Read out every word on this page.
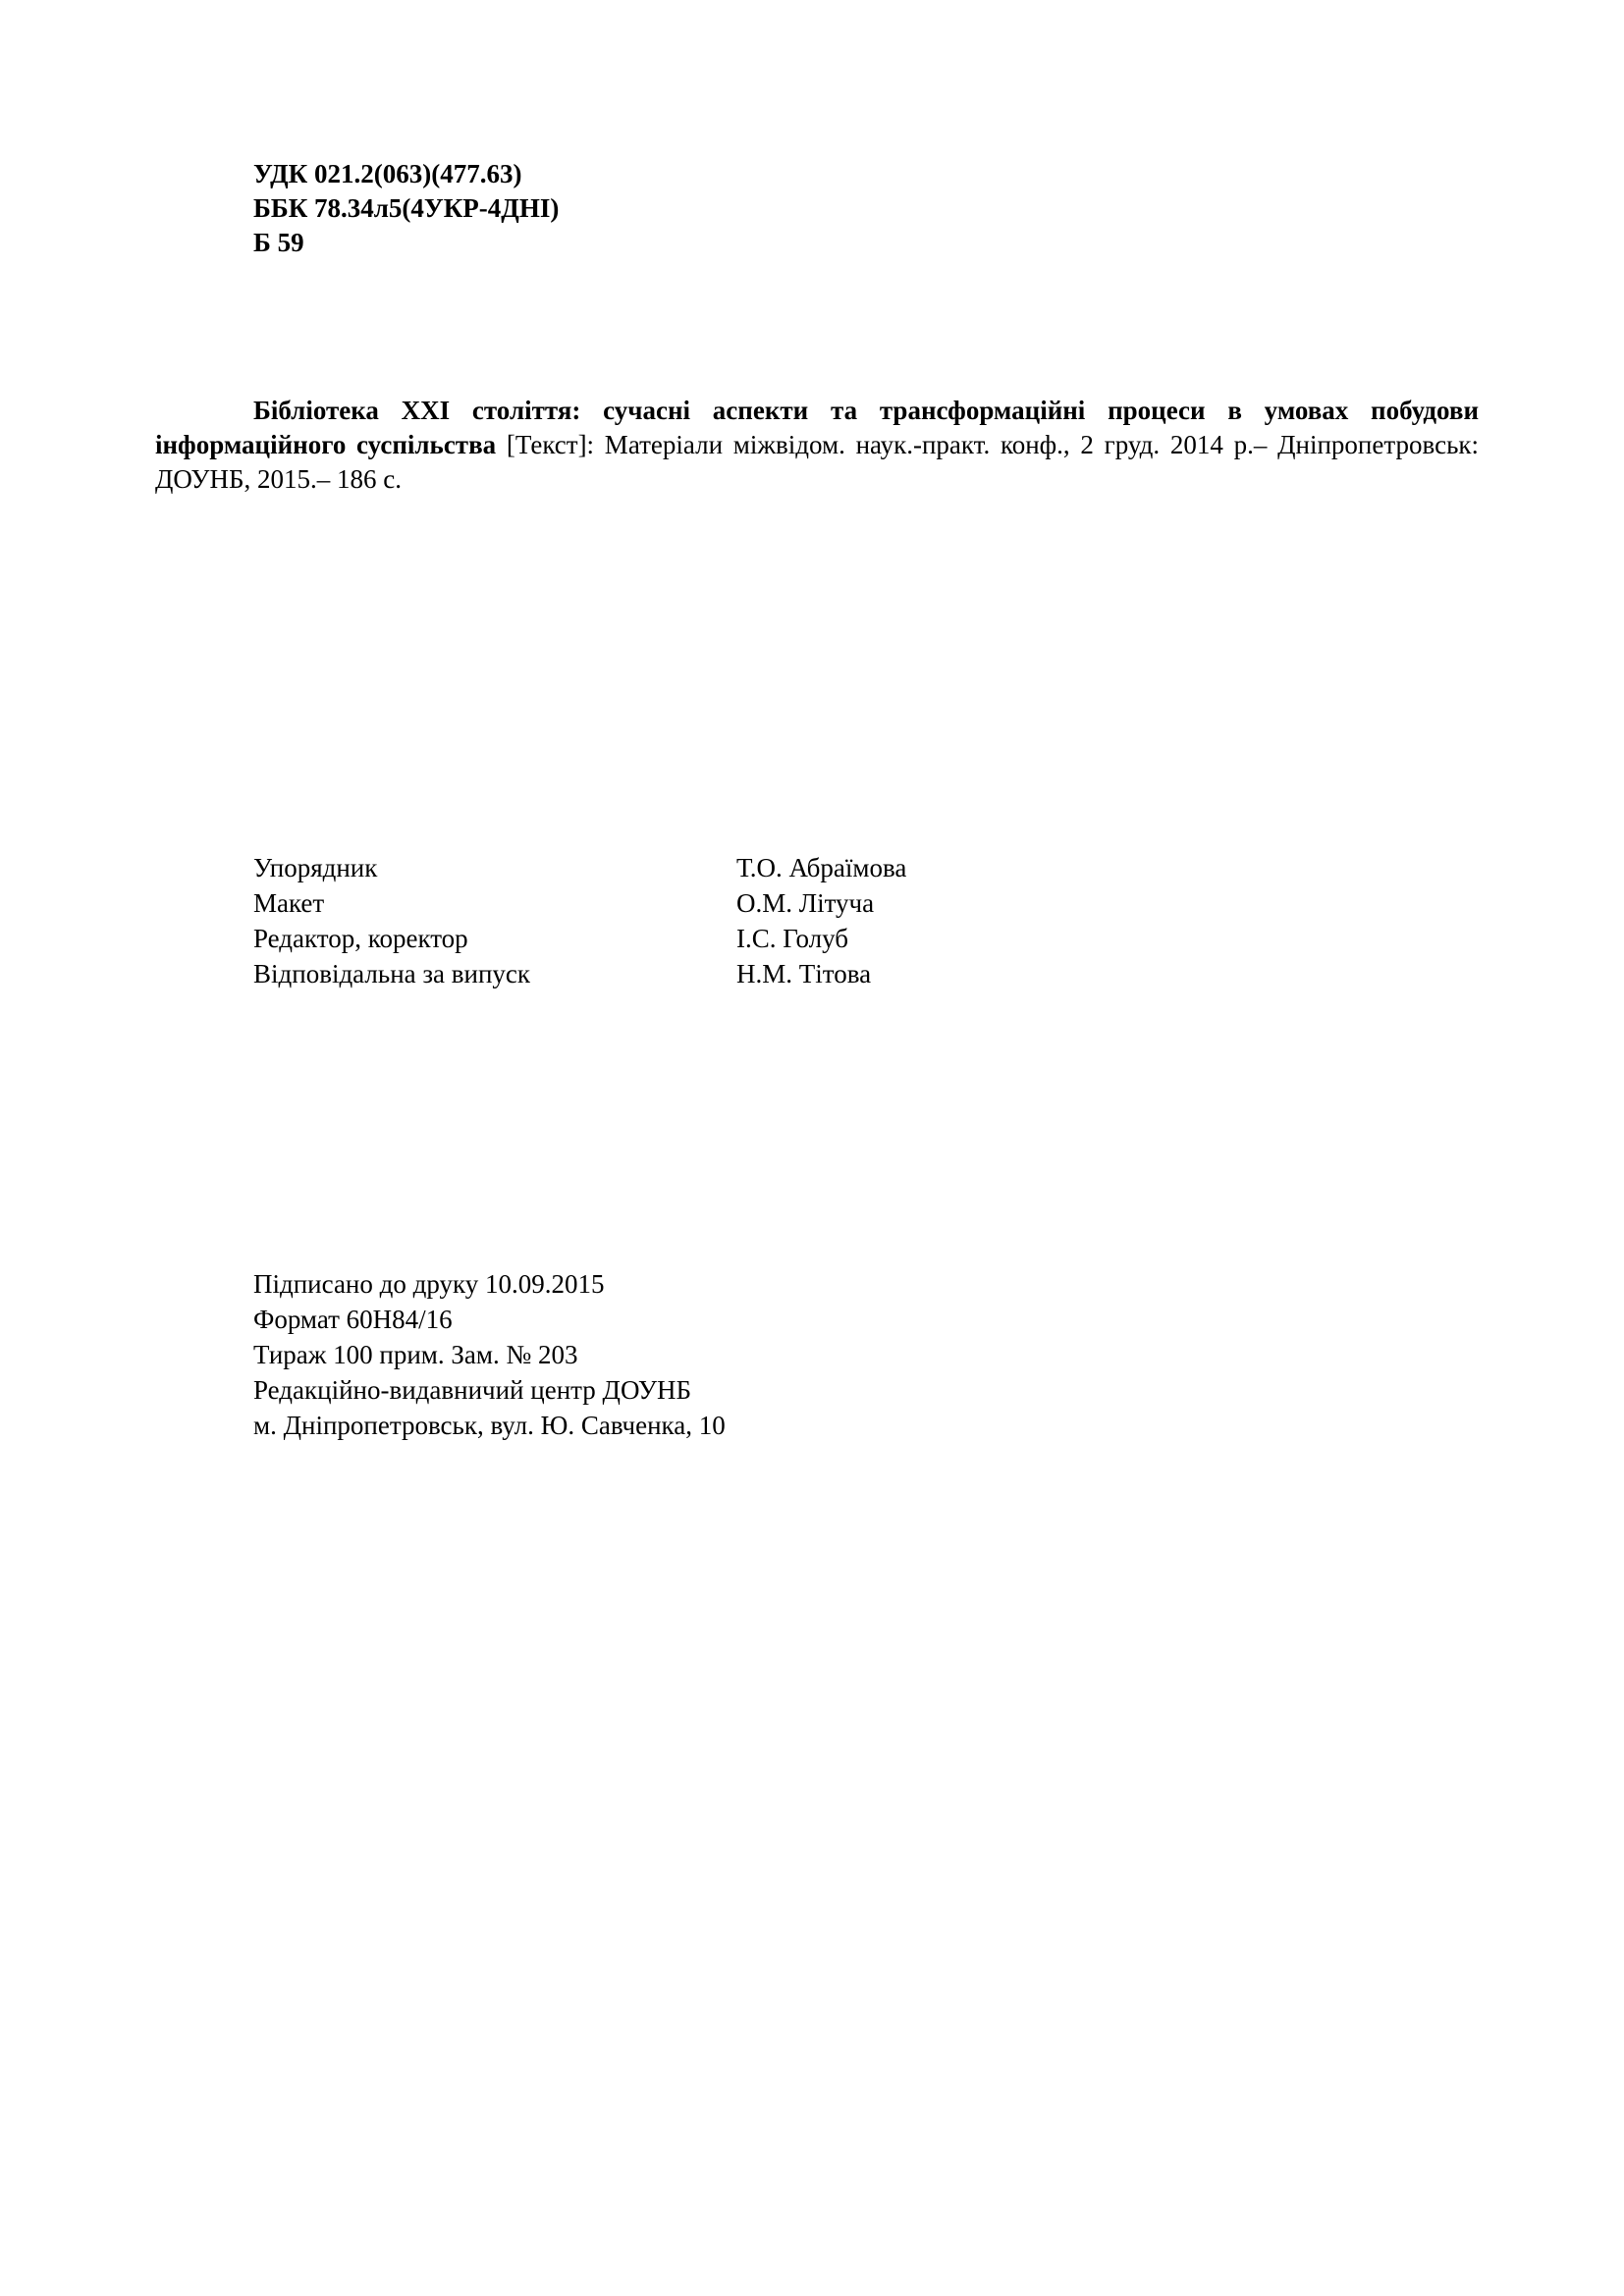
УДК 021.2(063)(477.63)
ББК 78.34л5(4УКР-4ДНІ)
Б 59
Бібліотека XXI століття: сучасні аспекти та трансформаційні процеси в умовах побудови інформаційного суспільства [Текст]: Матеріали міжвідом. наук.-практ. конф., 2 груд. 2014 р.– Дніпропетровськ: ДОУНБ, 2015.– 186 с.
Упорядник	Т.О. Абраїмова
Макет	О.М. Літуча
Редактор, коректор	І.С. Голуб
Відповідальна за випуск	Н.М. Тітова
Підписано до друку 10.09.2015
Формат 60Н84/16
Тираж 100 прим. Зам. № 203
Редакційно-видавничий центр ДОУНБ
м. Дніпропетровськ, вул. Ю. Савченка, 10
